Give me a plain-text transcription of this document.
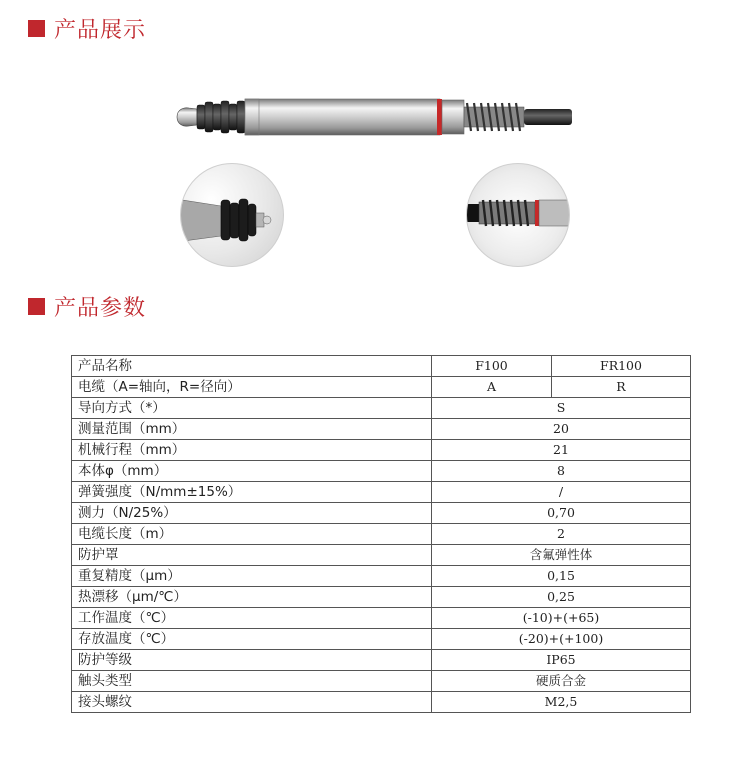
产品展示
产品参数
产品名称	F100	FR100
电缆（A=轴向，R=径向）	A	R
导向方式（*）	S	
测量范围（mm）	20	
机械行程（mm）	21	
本体φ（mm）	8	
弹簧强度（N/mm±15%）	/	
测力（N/25%）	0,70	
电缆长度（m）	2	
防护罩	含氟弹性体	
重复精度（μm）	0,15	
热漂移（μm/℃）	0,25	
工作温度（℃）	(-10)+(+65)	
存放温度（℃）	(-20)+(+100)	
防护等级	IP65	
触头类型	硬质合金	
接头螺纹	M2,5	
